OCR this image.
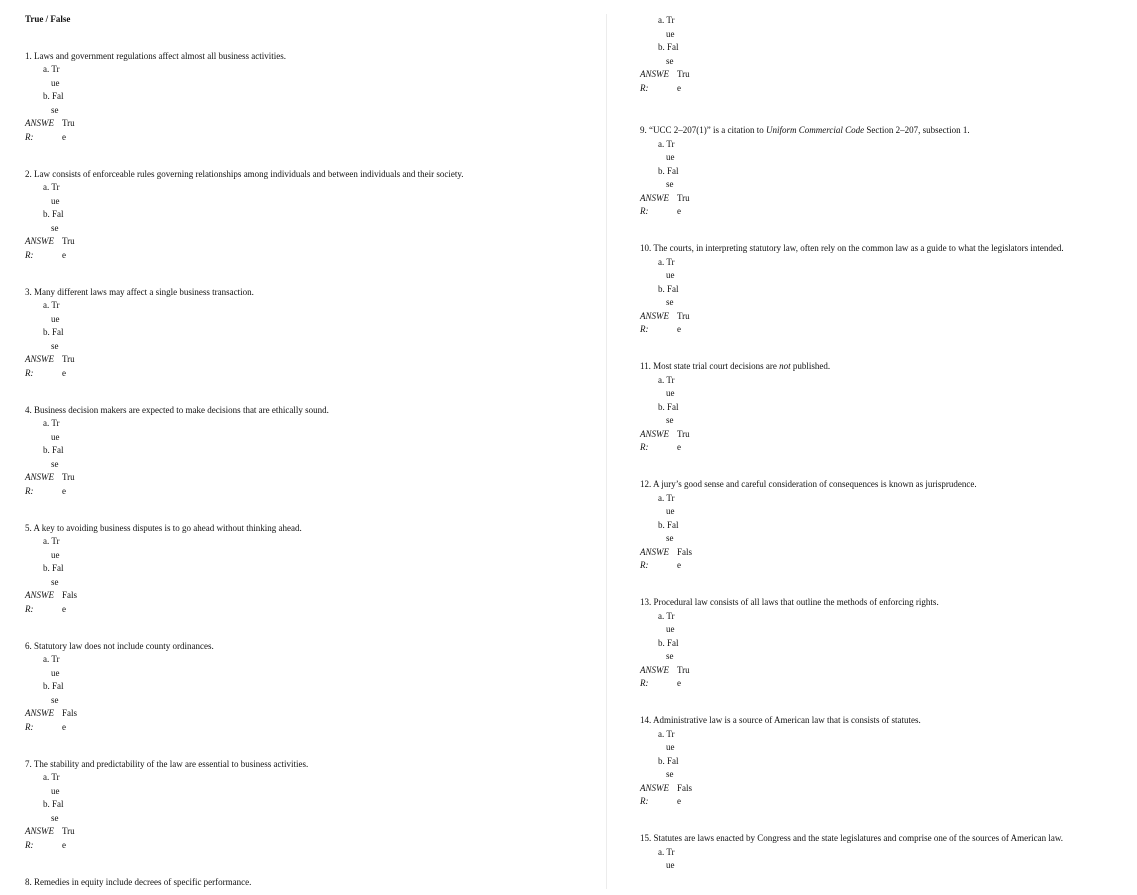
True / False
1. Laws and government regulations affect almost all business activities.
a. Tr
ue
b. Fal
se
ANSWE Tru
R:	e
2. Law consists of enforceable rules governing relationships among individuals and between individuals and their society.
a. Tr
ue
b. Fal
se
ANSWE Tru
R:	e
3. Many different laws may affect a single business transaction.
a. Tr
ue
b. Fal
se
ANSWE Tru
R:	e
4. Business decision makers are expected to make decisions that are ethically sound.
a. Tr
ue
b. Fal
se
ANSWE Tru
R:	e
5. A key to avoiding business disputes is to go ahead without thinking ahead.
a. Tr
ue
b. Fal
se
ANSWE Fals
R:	e
6. Statutory law does not include county ordinances.
a. Tr
ue
b. Fal
se
ANSWE Fals
R:	e
7. The stability and predictability of the law are essential to business activities.
a. Tr
ue
b. Fal
se
ANSWE Tru
R:	e
8. Remedies in equity include decrees of specific performance.
a. Tr
ue
b. Fal
se
ANSWE Tru
R:	e
9. “UCC 2–207(1)” is a citation to Uniform Commercial Code Section 2–207, subsection 1.
a. Tr
ue
b. Fal
se
ANSWE Tru
R:	e
10. The courts, in interpreting statutory law, often rely on the common law as a guide to what the legislators intended.
a. Tr
ue
b. Fal
se
ANSWE Tru
R:	e
11. Most state trial court decisions are not published.
a. Tr
ue
b. Fal
se
ANSWE Tru
R:	e
12. A jury’s good sense and careful consideration of consequences is known as jurisprudence.
a. Tr
ue
b. Fal
se
ANSWE Fals
R:	e
13. Procedural law consists of all laws that outline the methods of enforcing rights.
a. Tr
ue
b. Fal
se
ANSWE Tru
R:	e
14. Administrative law is a source of American law that is consists of statutes.
a. Tr
ue
b. Fal
se
ANSWE Fals
R:	e
15. Statutes are laws enacted by Congress and the state legislatures and comprise one of the sources of American law.
a. Tr
ue
